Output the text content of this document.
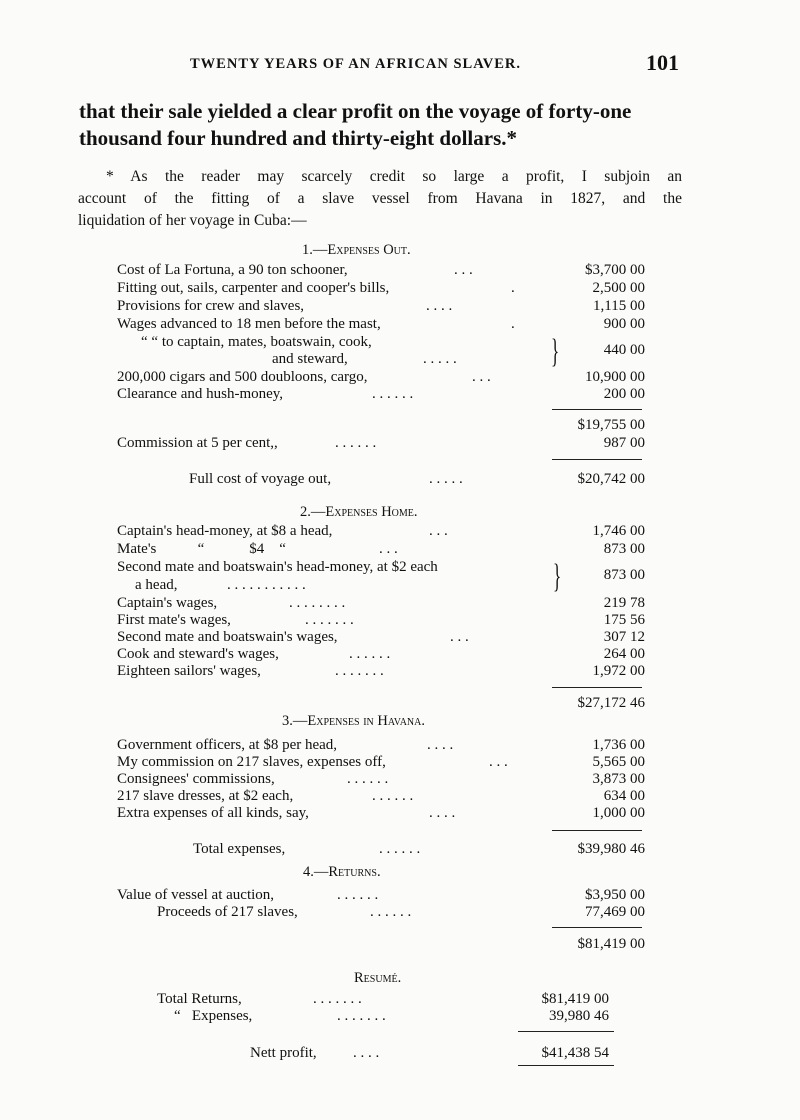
TWENTY YEARS OF AN AFRICAN SLAVER.	101
that their sale yielded a clear profit on the voyage of forty-one
thousand four hundred and thirty-eight dollars.*
* As the reader may scarcely credit so large a profit, I subjoin an
account of the fitting of a slave vessel from Havana in 1827, and the
liquidation of her voyage in Cuba:—
1.—Expenses Out.
Cost of La Fortuna, a 90 ton schooner,	. . .	$3,700 00
Fitting out, sails, carpenter and cooper's bills,	.	2,500 00
Provisions for crew and slaves,	. . . .	1,115 00
Wages advanced to 18 men before the mast,	.	900 00
“ “ to captain, mates, boatswain, cook,
and steward,	. . . . .	}	440 00
200,000 cigars and 500 doubloons, cargo,	. . .	10,900 00
Clearance and hush-money,	. . . . . .	200 00
$19,755 00
Commission at 5 per cent,,	. . . . . .	987 00
Full cost of voyage out,	. . . . .	$20,742 00
2.—Expenses Home.
Captain's head-money, at $8 a head,	. . .	1,746 00
Mate's           “            $4    “	. . .	873 00
Second mate and boatswain's head-money, at $2 each
a head,	. . . . . . . . . . .	}	873 00
Captain's wages,	. . . . . . . .	219 78
First mate's wages,	. . . . . . .	175 56
Second mate and boatswain's wages,	. . .	307 12
Cook and steward's wages,	. . . . . .	264 00
Eighteen sailors' wages,	. . . . . . .	1,972 00
$27,172 46
3.—Expenses in Havana.
Government officers, at $8 per head,	. . . .	1,736 00
My commission on 217 slaves, expenses off,	. . .	5,565 00
Consignees' commissions,	. . . . . .	3,873 00
217 slave dresses, at $2 each,	. . . . . .	634 00
Extra expenses of all kinds, say,	. . . .	1,000 00
Total expenses,	. . . . . .	$39,980 46
4.—Returns.
Value of vessel at auction,	. . . . . .	$3,950 00
Proceeds of 217 slaves,	. . . . . .	77,469 00
$81,419 00
Resumé.
Total Returns,	. . . . . . .	$81,419 00
“   Expenses,	. . . . . . .	39,980 46
Nett profit, . . . .	$41,438 54
